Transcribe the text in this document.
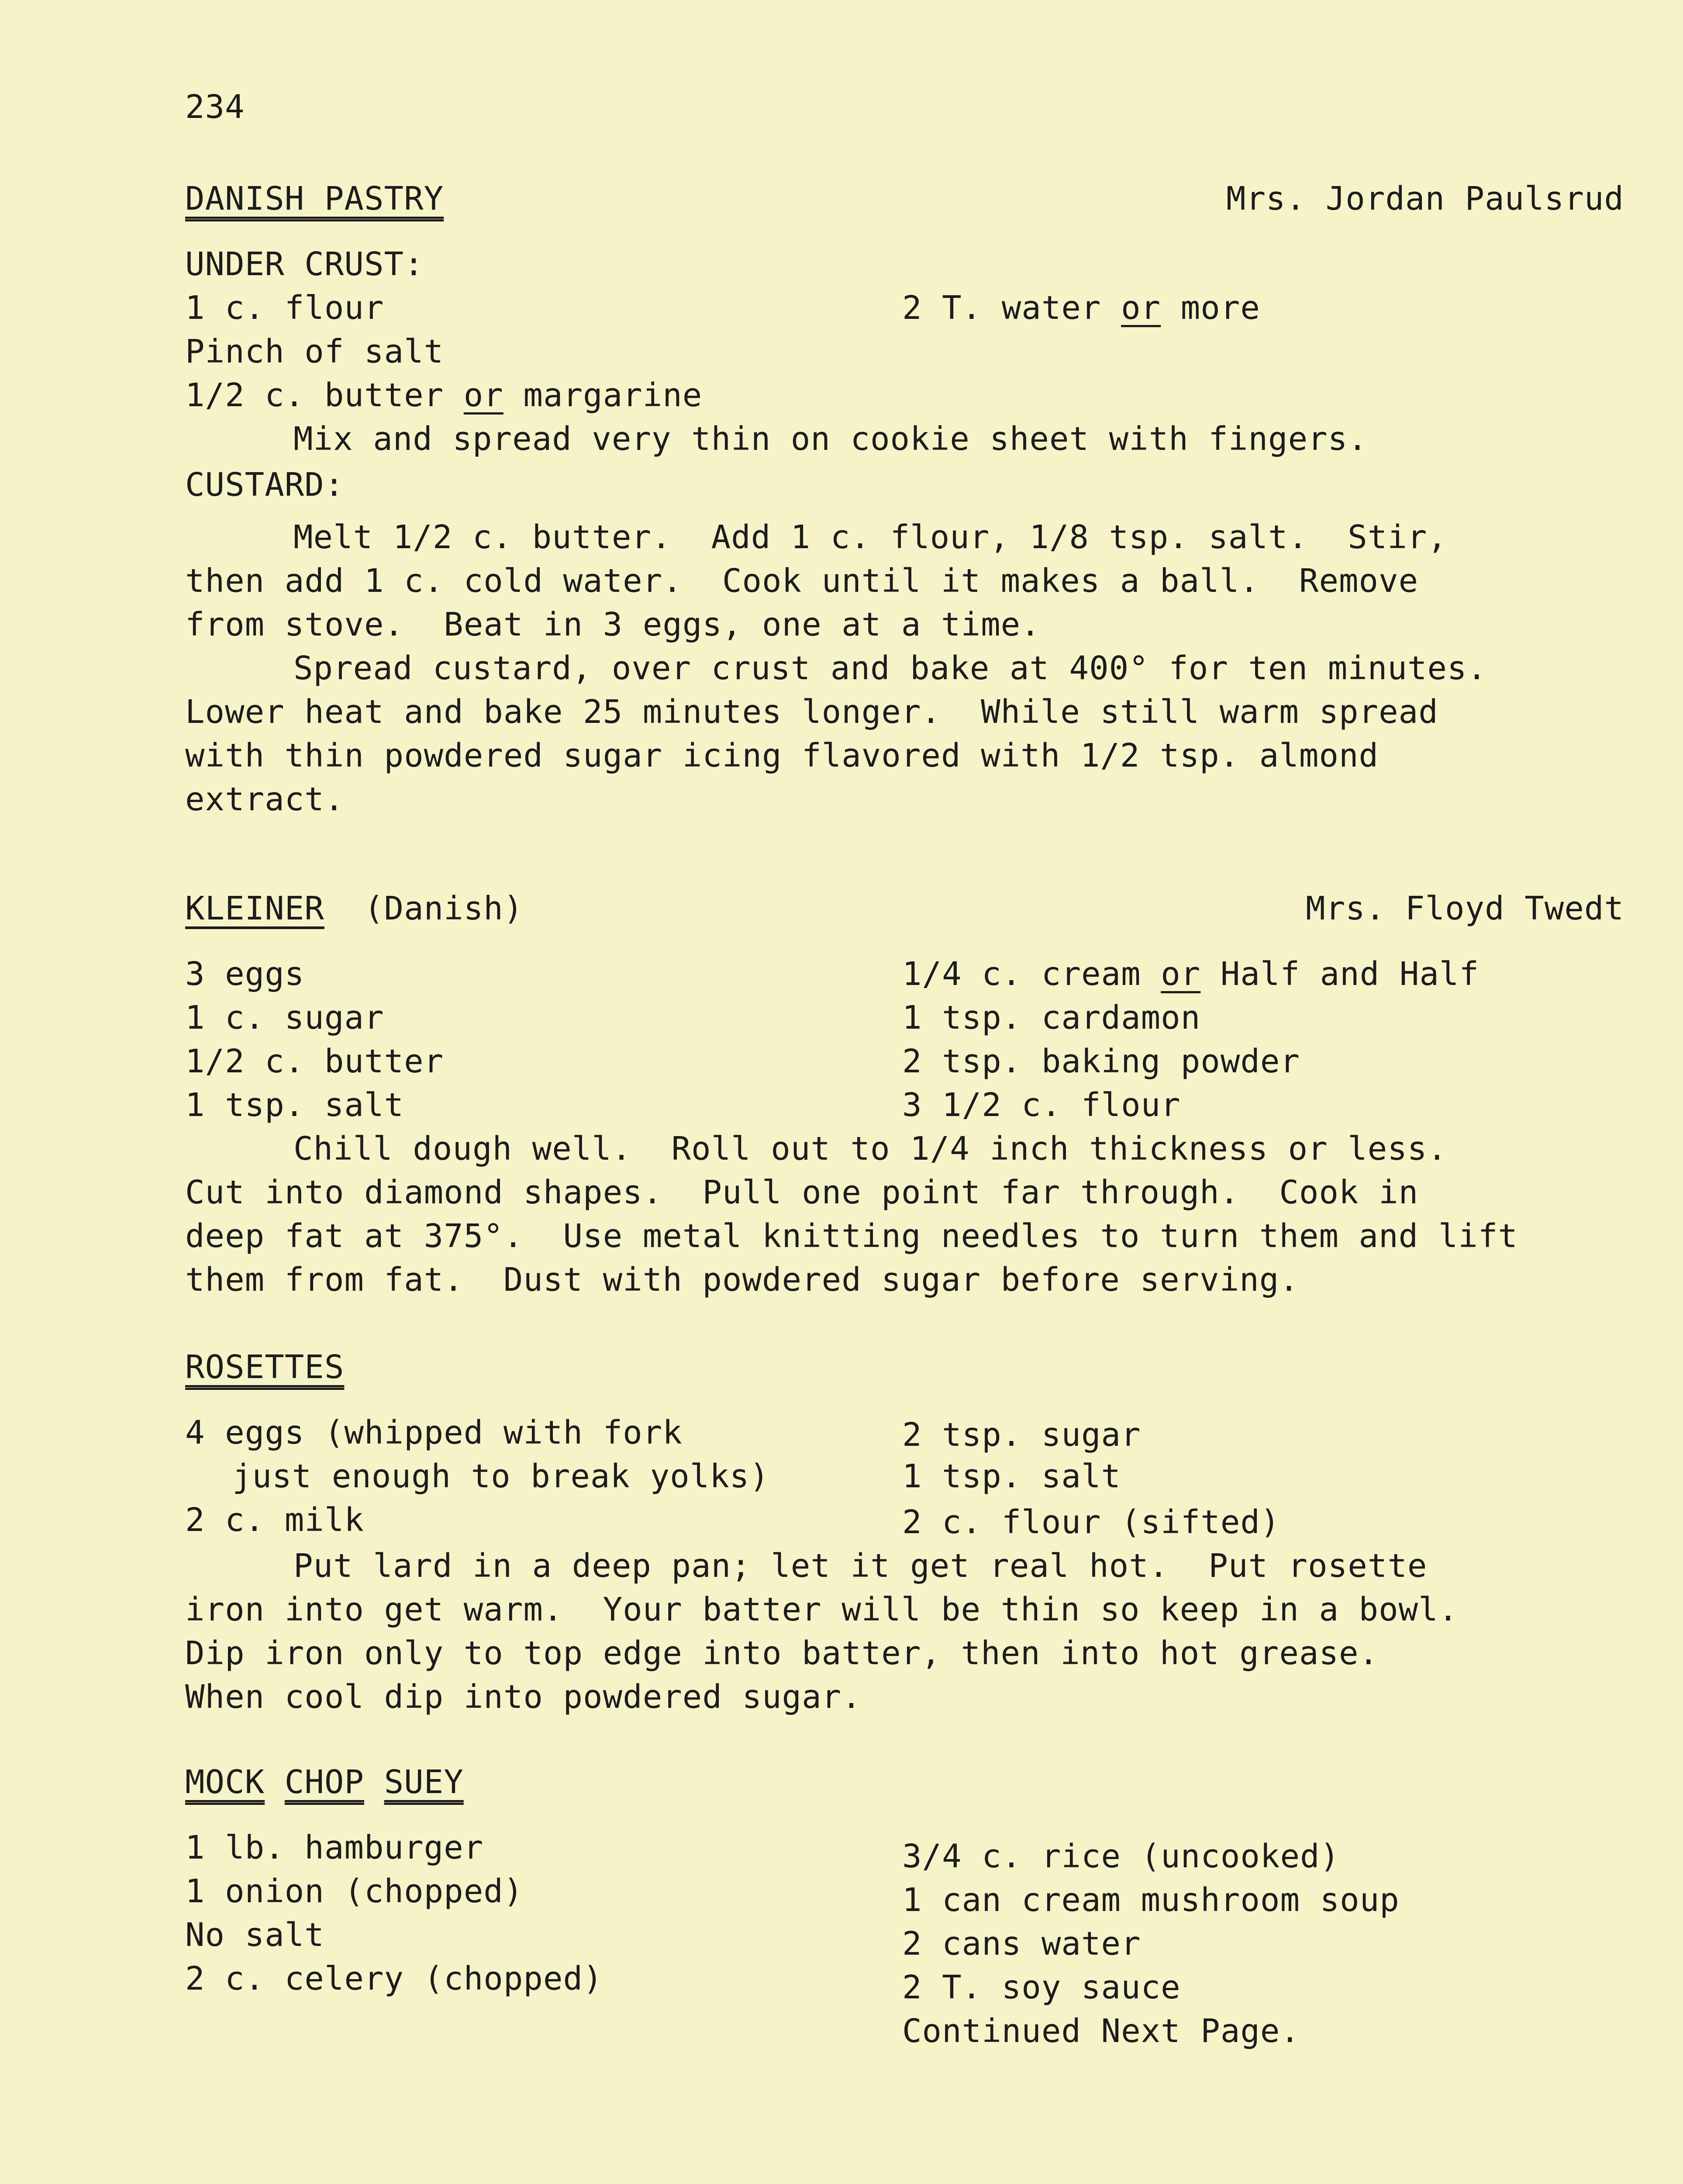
234
DANISH PASTRY	Mrs. Jordan Paulsrud
UNDER CRUST:
1 c. flour	2 T. water or more
Pinch of salt
1/2 c. butter or margarine
Mix and spread very thin on cookie sheet with fingers.
CUSTARD:
Melt 1/2 c. butter.  Add 1 c. flour, 1/8 tsp. salt.  Stir,
then add 1 c. cold water.  Cook until it makes a ball.  Remove
from stove.  Beat in 3 eggs, one at a time.
Spread custard, over crust and bake at 400° for ten minutes.
Lower heat and bake 25 minutes longer.  While still warm spread
with thin powdered sugar icing flavored with 1/2 tsp. almond
extract.
KLEINER (Danish)	Mrs. Floyd Twedt
3 eggs	1/4 c. cream or Half and Half
1 c. sugar	1 tsp. cardamon
1/2 c. butter	2 tsp. baking powder
1 tsp. salt	3 1/2 c. flour
Chill dough well.  Roll out to 1/4 inch thickness or less.
Cut into diamond shapes.  Pull one point far through.  Cook in
deep fat at 375°.  Use metal knitting needles to turn them and lift
them from fat.  Dust with powdered sugar before serving.
ROSETTES
4 eggs (whipped with fork	2 tsp. sugar
just enough to break yolks)	1 tsp. salt
2 c. milk	2 c. flour (sifted)
Put lard in a deep pan; let it get real hot.  Put rosette
iron into get warm.  Your batter will be thin so keep in a bowl.
Dip iron only to top edge into batter, then into hot grease.
When cool dip into powdered sugar.
MOCK CHOP SUEY
1 lb. hamburger	3/4 c. rice (uncooked)
1 onion (chopped)	1 can cream mushroom soup
No salt	2 cans water
2 c. celery (chopped)	2 T. soy sauce
Continued Next Page.
